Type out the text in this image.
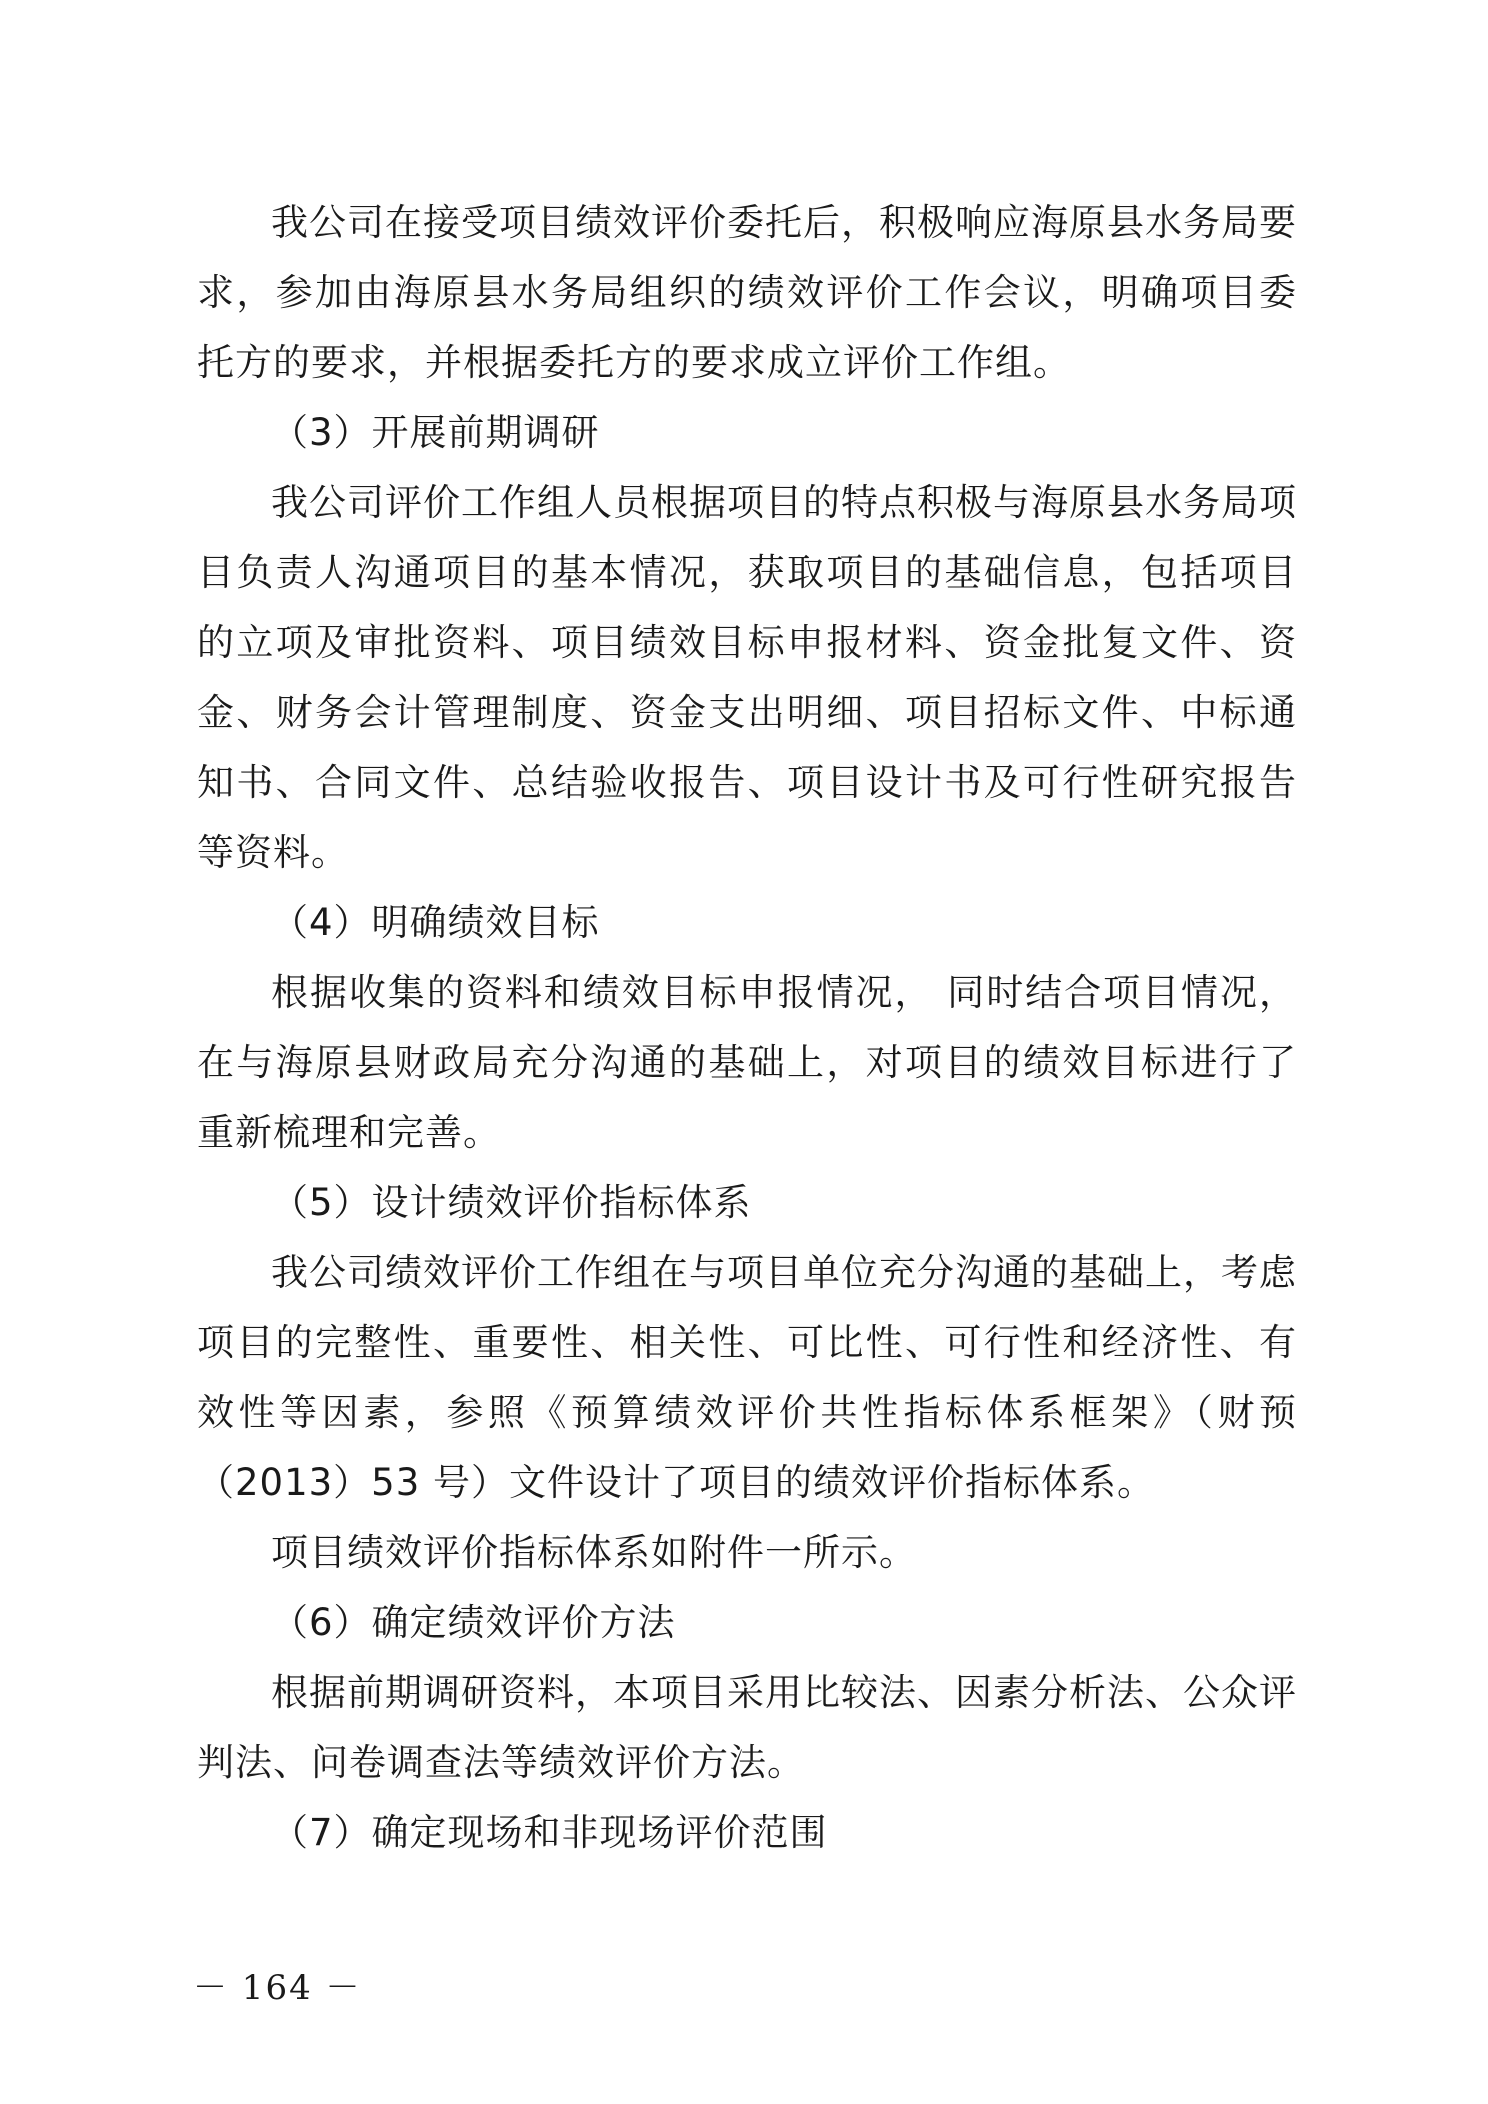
我公司在接受项目绩效评价委托后，积极响应海原县水务局要求，参加由海原县水务局组织的绩效评价工作会议，明确项目委托方的要求，并根据委托方的要求成立评价工作组。

（3）开展前期调研

我公司评价工作组人员根据项目的特点积极与海原县水务局项目负责人沟通项目的基本情况，获取项目的基础信息，包括项目的立项及审批资料、项目绩效目标申报材料、资金批复文件、资金、财务会计管理制度、资金支出明细、项目招标文件、中标通知书、合同文件、总结验收报告、项目设计书及可行性研究报告等资料。

（4）明确绩效目标

根据收集的资料和绩效目标申报情况， 同时结合项目情况，在与海原县财政局充分沟通的基础上，对项目的绩效目标进行了重新梳理和完善。

（5）设计绩效评价指标体系

我公司绩效评价工作组在与项目单位充分沟通的基础上，考虑项目的完整性、重要性、相关性、可比性、可行性和经济性、有效性等因素，参照《预算绩效评价共性指标体系框架》（财预（2013）53 号）文件设计了项目的绩效评价指标体系。

项目绩效评价指标体系如附件一所示。

（6）确定绩效评价方法

根据前期调研资料，本项目采用比较法、因素分析法、公众评判法、问卷调查法等绩效评价方法。

（7）确定现场和非现场评价范围

－ 164 －
